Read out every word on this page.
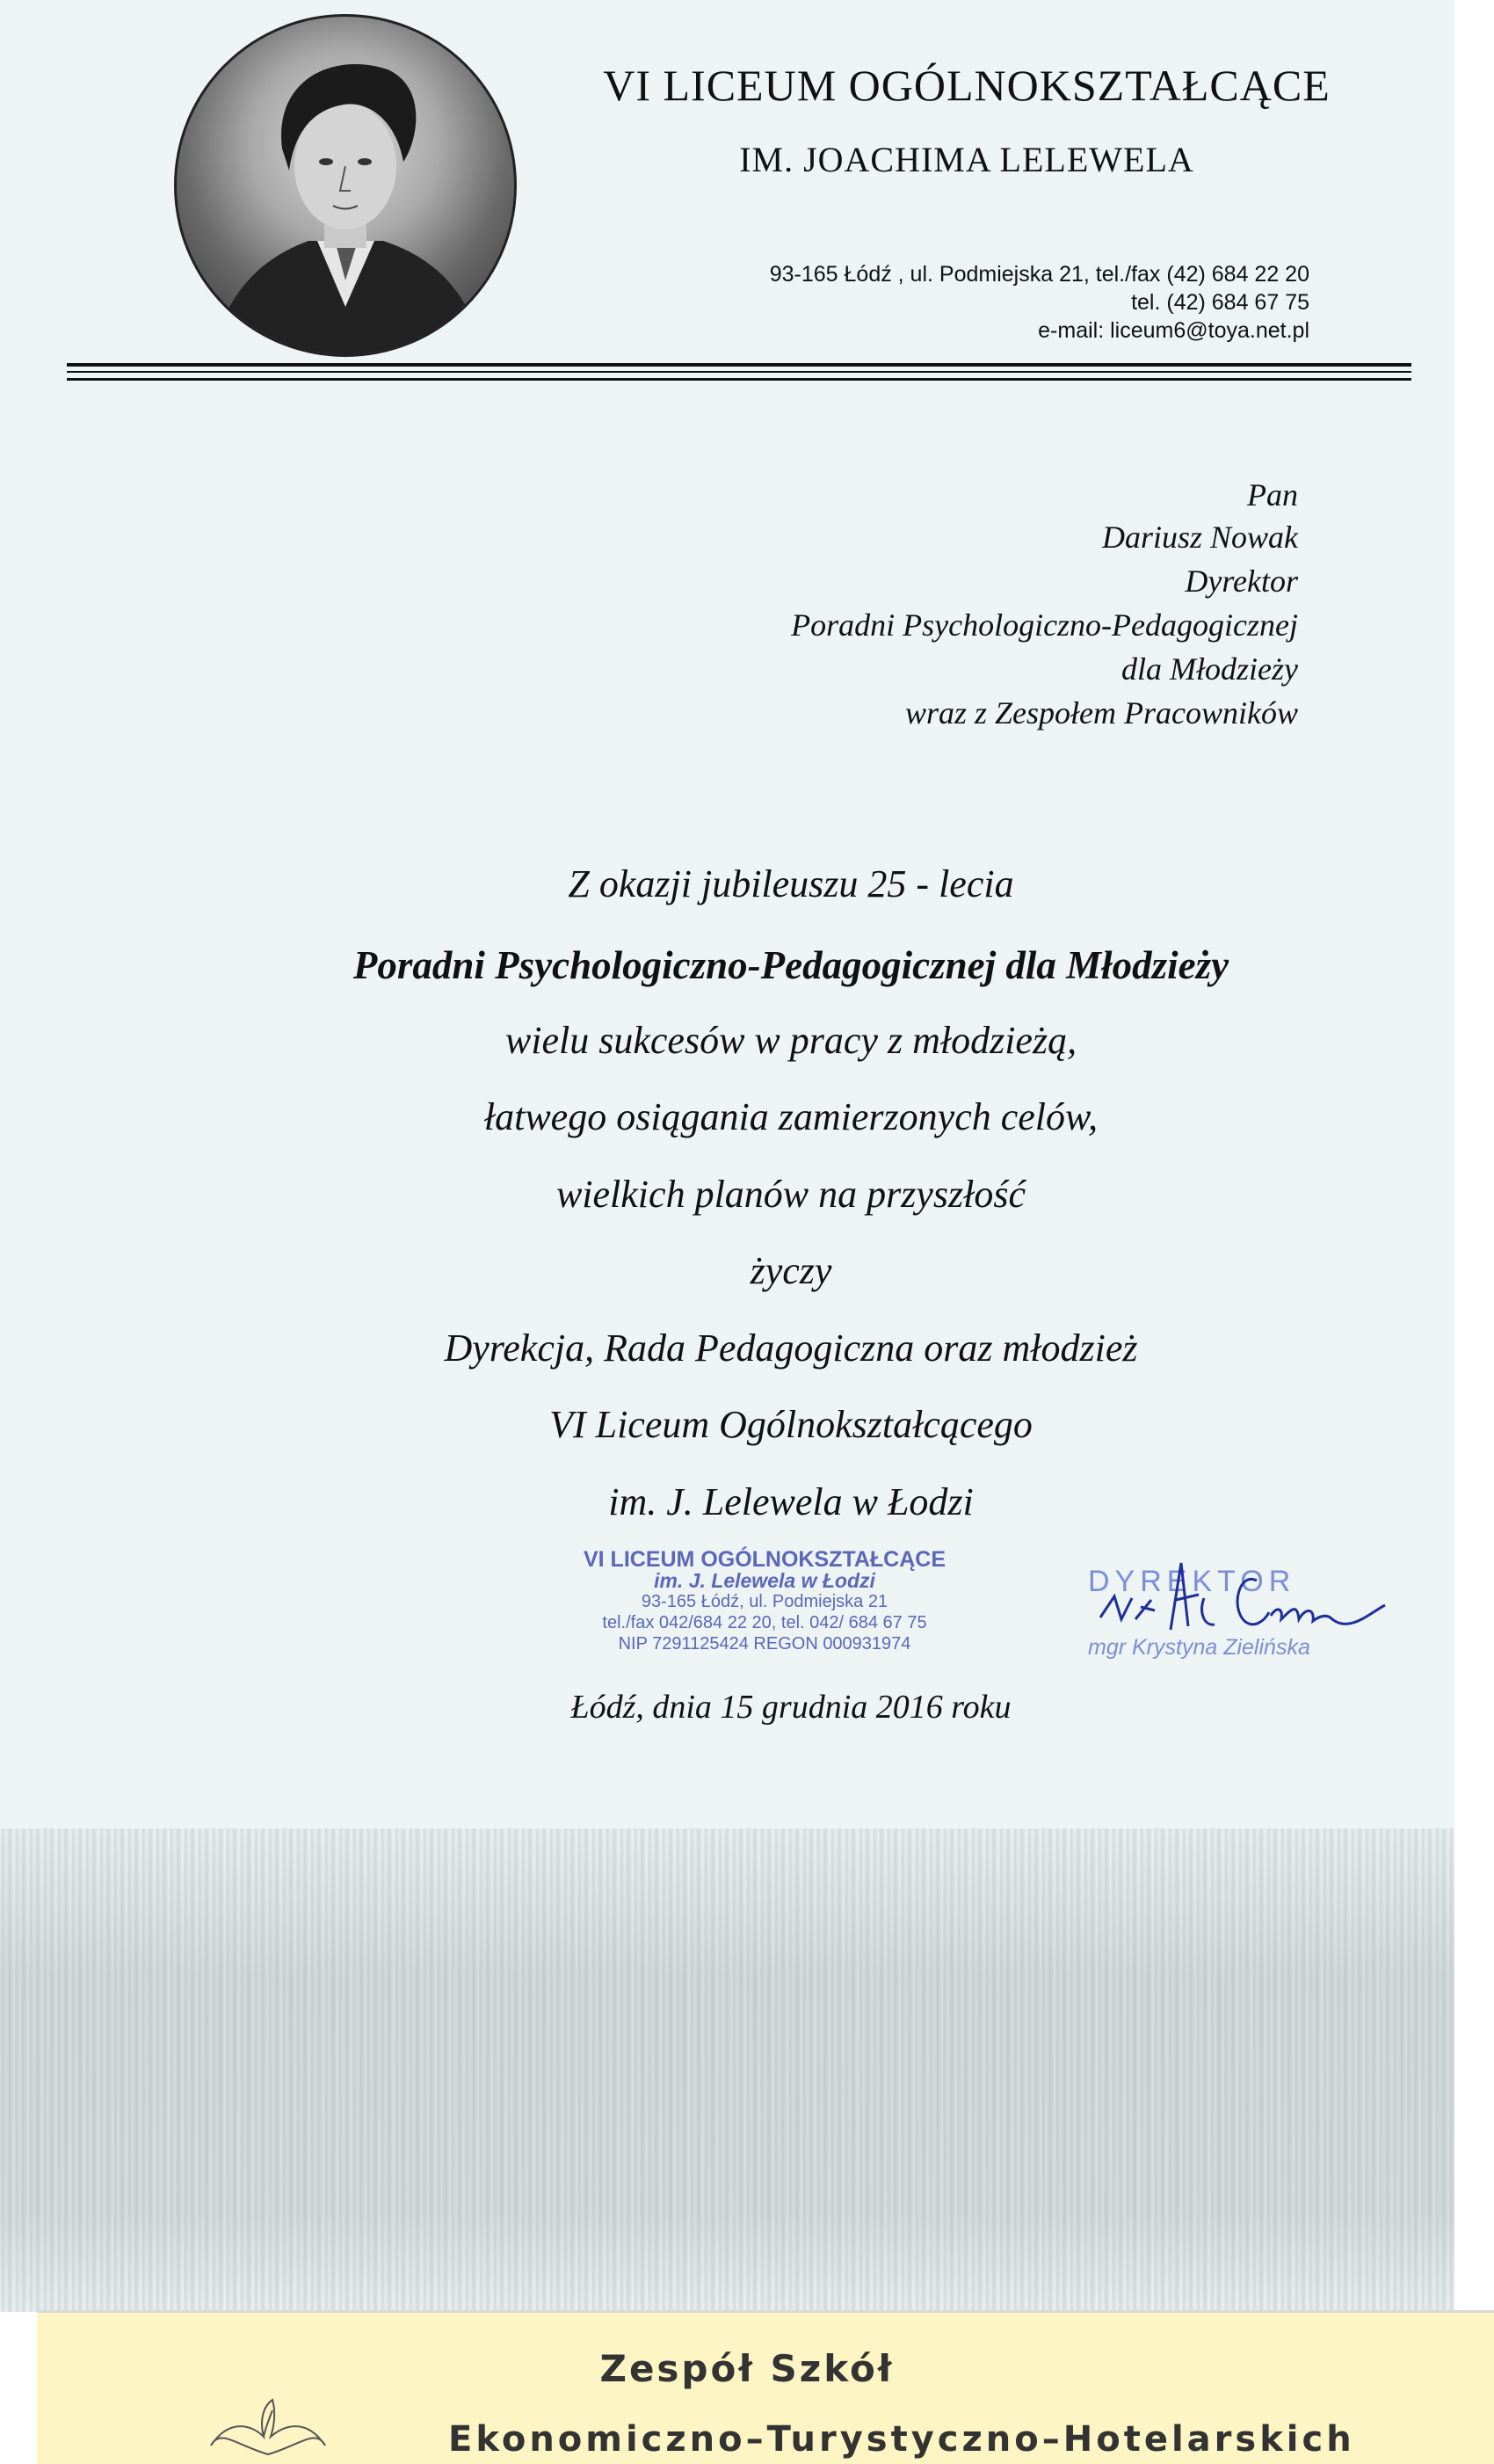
VI LICEUM OGÓLNOKSZTAŁCĄCE
IM. JOACHIMA LELEWELA
93-165 Łódź , ul. Podmiejska 21, tel./fax (42) 684 22 20
tel. (42) 684 67 75
e-mail: liceum6@toya.net.pl
Pan
Dariusz Nowak
Dyrektor
Poradni Psychologiczno-Pedagogicznej
dla Młodzieży
wraz z Zespołem Pracowników
Z okazji jubileuszu 25 - lecia
Poradni Psychologiczno-Pedagogicznej dla Młodzieży
wielu sukcesów w pracy z młodzieżą,
łatwego osiągania zamierzonych celów,
wielkich planów na przyszłość
życzy
Dyrekcja, Rada Pedagogiczna oraz młodzież
VI Liceum Ogólnokształcącego
im. J. Lelewela w Łodzi
VI LICEUM OGÓLNOKSZTAŁCĄCE
im. J. Lelewela w Łodzi
93-165 Łódź, ul. Podmiejska 21
tel./fax 042/684 22 20, tel. 042/ 684 67 75
NIP 7291125424 REGON 000931974
DYREKTOR
mgr Krystyna Zielińska
Łódź, dnia 15 grudnia 2016 roku
Zespół Szkół
Ekonomiczno–Turystyczno–Hotelarskich
